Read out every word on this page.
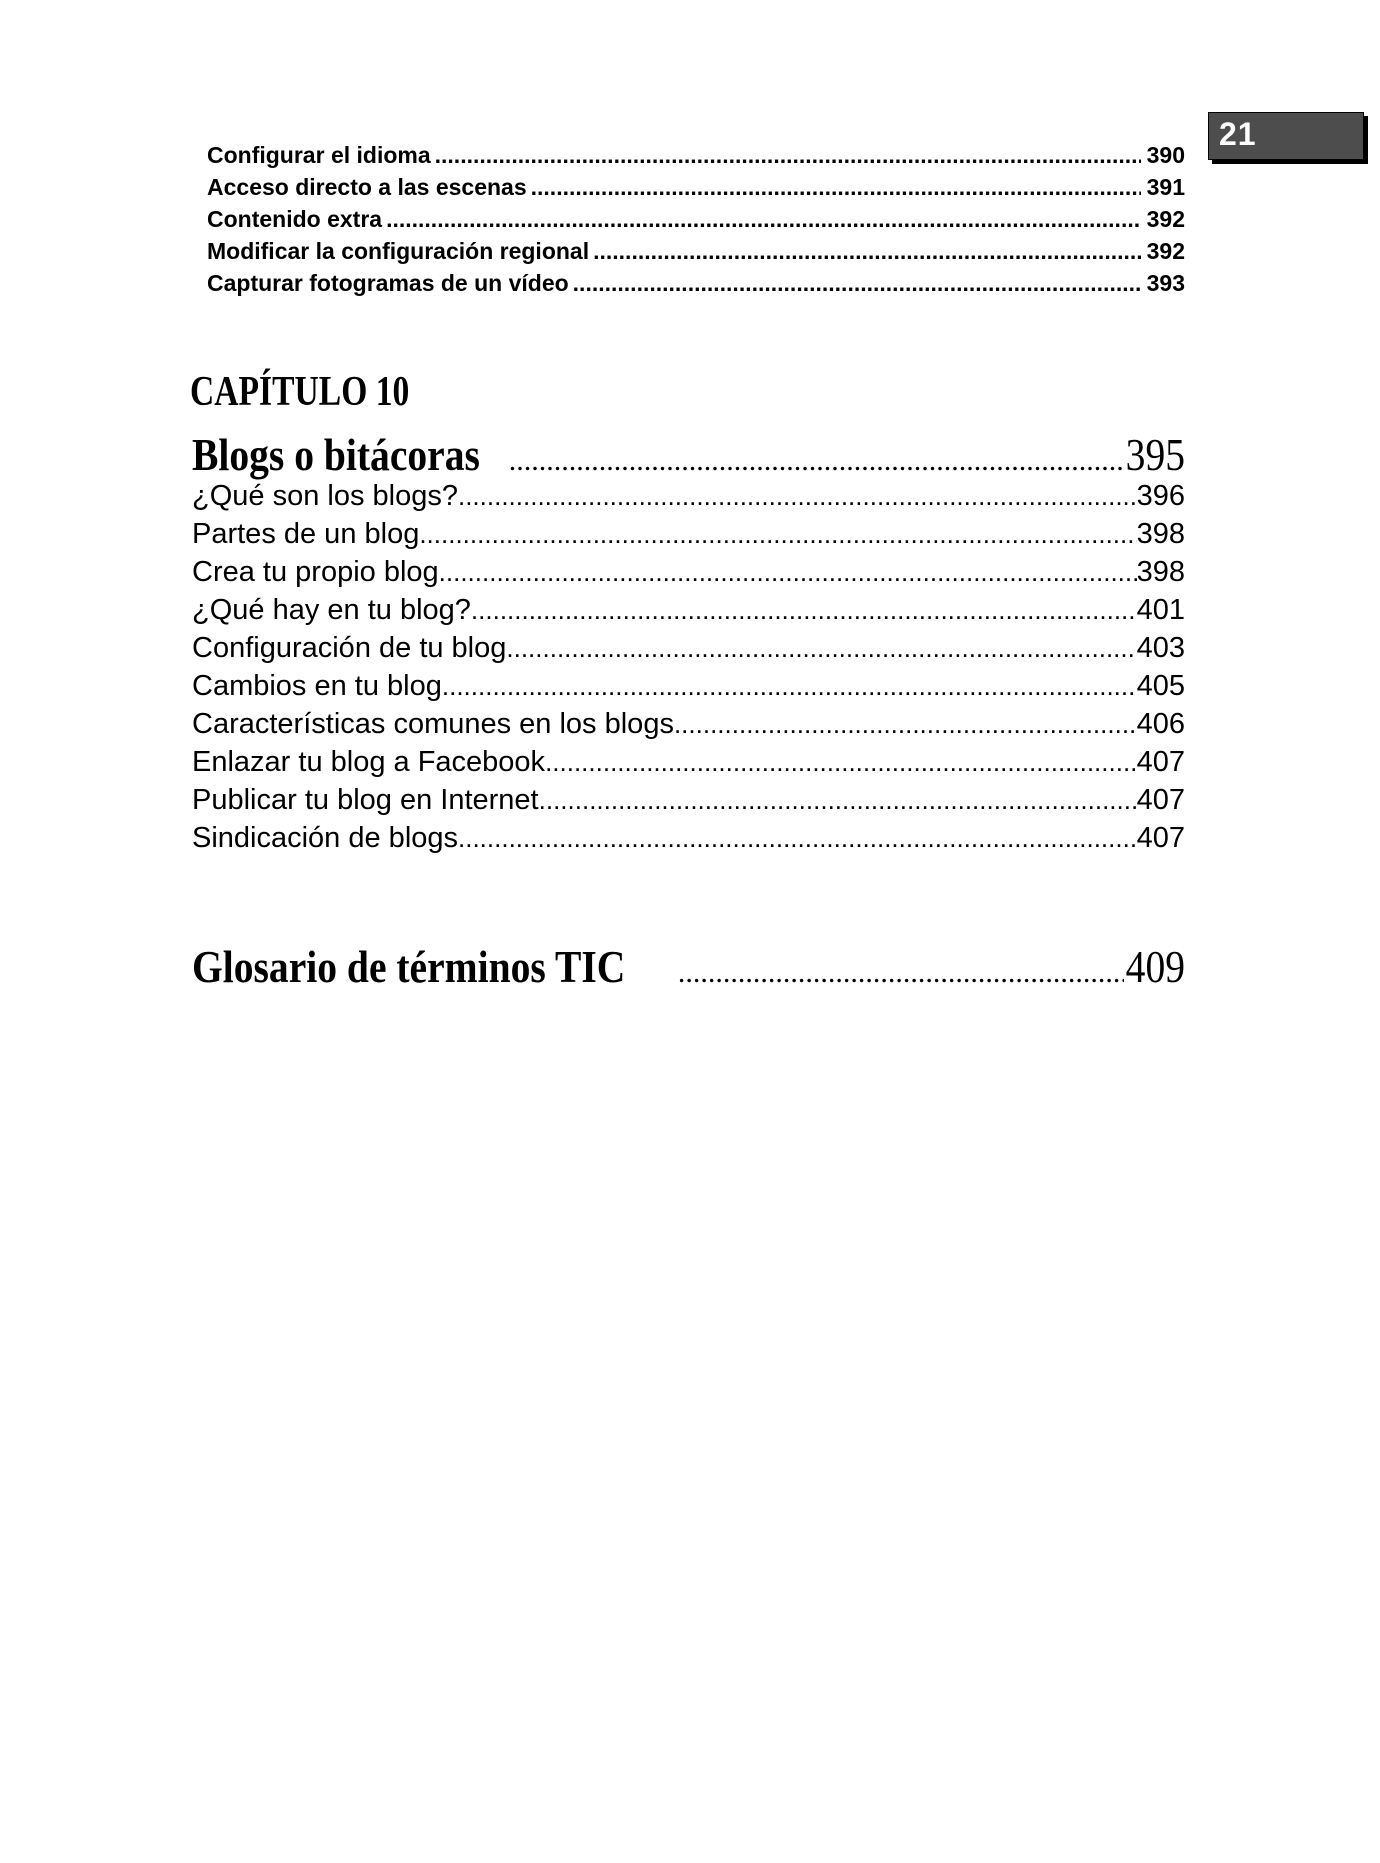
21
Configurar el idioma .....	390
Acceso directo a las escenas .....	391
Contenido extra .....	392
Modificar la configuración regional .....	392
Capturar fotogramas de un vídeo .....	393
CAPÍTULO 10
Blogs o bitácoras .....	395
¿Qué son los blogs? .....	396
Partes de un blog .....	398
Crea tu propio blog .....	398
¿Qué hay en tu blog? .....	401
Configuración de tu blog .....	403
Cambios en tu blog .....	405
Características comunes en los blogs .....	406
Enlazar tu blog a Facebook .....	407
Publicar tu blog en Internet .....	407
Sindicación de blogs .....	407
Glosario de términos TIC .....	409
